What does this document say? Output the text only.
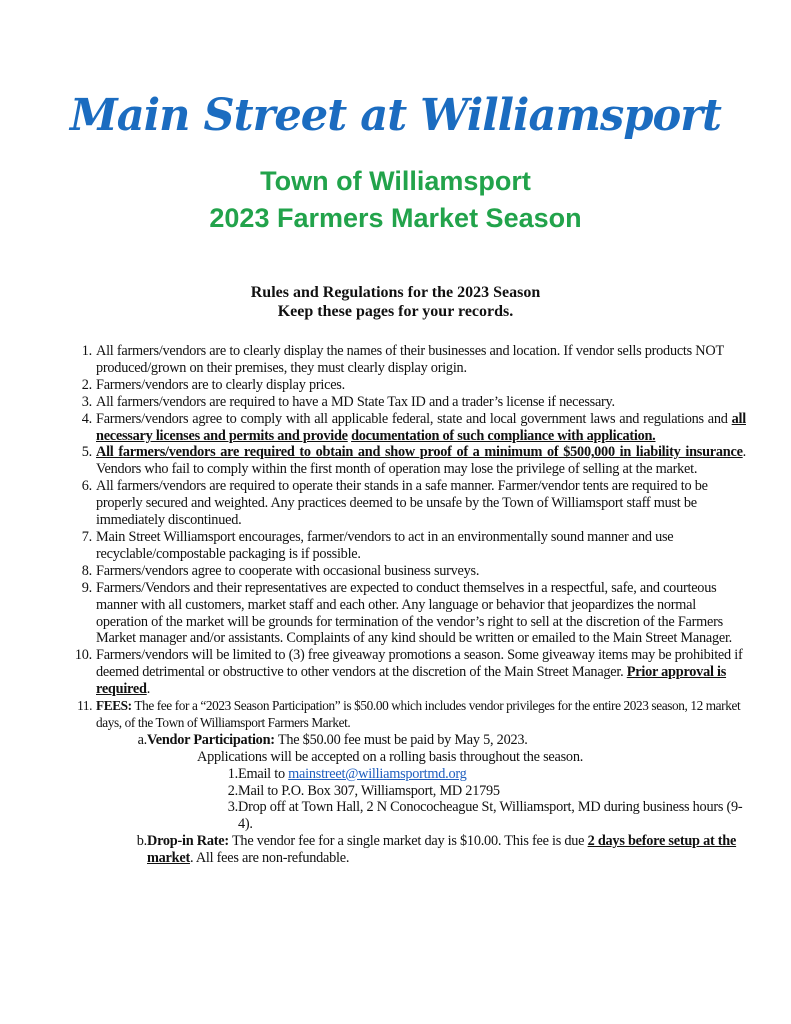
Main Street at Williamsport
Town of Williamsport
2023 Farmers Market Season
Rules and Regulations for the 2023 Season
Keep these pages for your records.
1. All farmers/vendors are to clearly display the names of their businesses and location. If vendor sells products NOT produced/grown on their premises, they must clearly display origin.
2. Farmers/vendors are to clearly display prices.
3. All farmers/vendors are required to have a MD State Tax ID and a trader’s license if necessary.
4. Farmers/vendors agree to comply with all applicable federal, state and local government laws and regulations and all necessary licenses and permits and provide documentation of such compliance with application.
5. All farmers/vendors are required to obtain and show proof of a minimum of $500,000 in liability insurance. Vendors who fail to comply within the first month of operation may lose the privilege of selling at the market.
6. All farmers/vendors are required to operate their stands in a safe manner. Farmer/vendor tents are required to be properly secured and weighted. Any practices deemed to be unsafe by the Town of Williamsport staff must be immediately discontinued.
7. Main Street Williamsport encourages, farmer/vendors to act in an environmentally sound manner and use recyclable/compostable packaging is if possible.
8. Farmers/vendors agree to cooperate with occasional business surveys.
9. Farmers/Vendors and their representatives are expected to conduct themselves in a respectful, safe, and courteous manner with all customers, market staff and each other. Any language or behavior that jeopardizes the normal operation of the market will be grounds for termination of the vendor’s right to sell at the discretion of the Farmers Market manager and/or assistants. Complaints of any kind should be written or emailed to the Main Street Manager.
10. Farmers/vendors will be limited to (3) free giveaway promotions a season. Some giveaway items may be prohibited if deemed detrimental or obstructive to other vendors at the discretion of the Main Street Manager. Prior approval is required.
11. FEES: The fee for a “2023 Season Participation” is $50.00 which includes vendor privileges for the entire 2023 season, 12 market days, of the Town of Williamsport Farmers Market.
a. Vendor Participation: The $50.00 fee must be paid by May 5, 2023.
Applications will be accepted on a rolling basis throughout the season.
1. Email to mainstreet@williamsportmd.org
2. Mail to P.O. Box 307, Williamsport, MD 21795
3. Drop off at Town Hall, 2 N Conococheague St, Williamsport, MD during business hours (9-4).
b. Drop-in Rate: The vendor fee for a single market day is $10.00. This fee is due 2 days before setup at the market. All fees are non-refundable.
